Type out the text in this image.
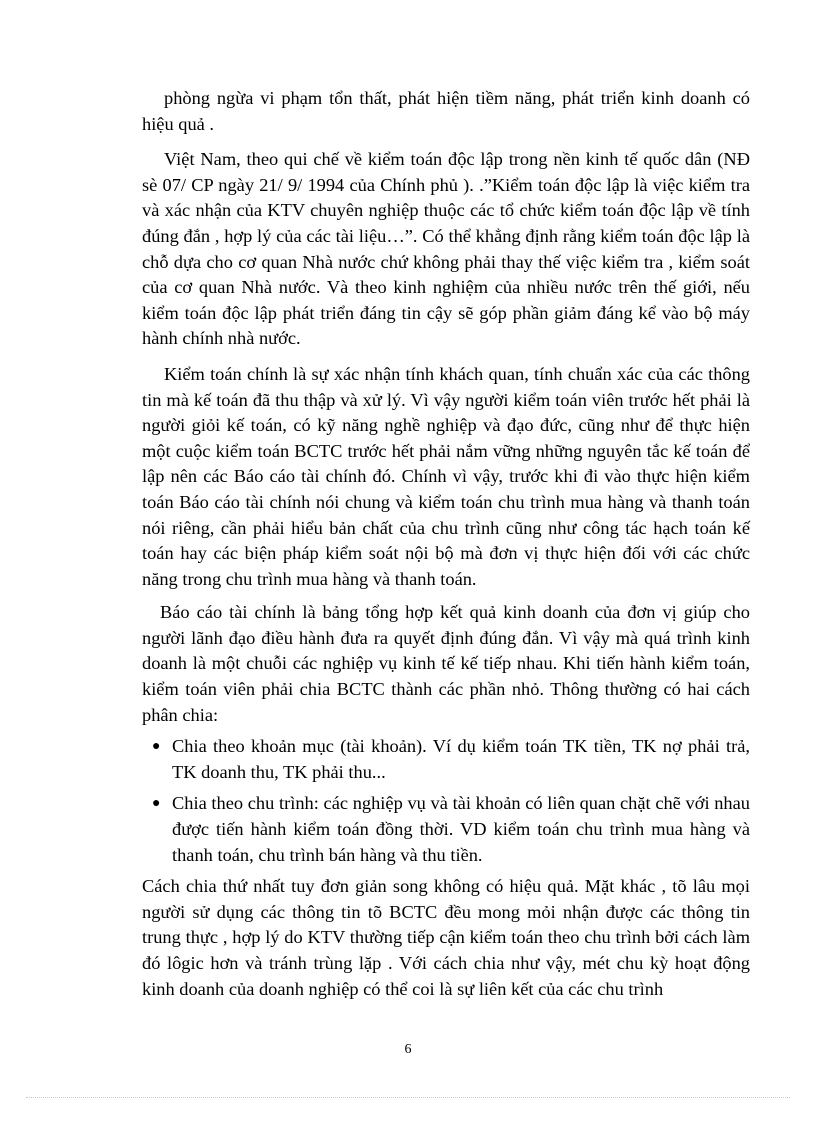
phòng ngừa vi phạm tổn thất, phát hiện tiềm năng, phát triển kinh doanh có hiệu quả .

Việt Nam, theo qui chế về kiểm toán độc lập trong nền kinh tế quốc dân (NĐ sè 07/ CP ngày 21/ 9/ 1994 của Chính phủ ). .”Kiểm toán độc lập là việc kiểm tra và xác nhận của KTV chuyên nghiệp thuộc các tổ chức kiểm toán độc lập về tính đúng đắn , hợp lý của các tài liệu…”. Có thể khẳng định rằng kiểm toán độc lập là chỗ dựa cho cơ quan Nhà nước chứ không phải thay thế việc kiểm tra , kiểm soát của cơ quan Nhà nước. Và theo kinh nghiệm của nhiều nước trên thế giới, nếu kiểm toán độc lập phát triển đáng tin cậy sẽ góp phần giảm đáng kể vào bộ máy hành chính nhà nước.

Kiểm toán chính là sự xác nhận tính khách quan, tính chuẩn xác của các thông tin mà kế toán đã thu thập và xử lý. Vì vậy người kiểm toán viên trước hết phải là người giỏi kế toán, có kỹ năng nghề nghiệp và đạo đức, cũng như để thực hiện một cuộc kiểm toán BCTC trước hết phải nắm vững những nguyên tắc kế toán để lập nên các Báo cáo tài chính đó. Chính vì vậy, trước khi đi vào thực hiện kiểm toán Báo cáo tài chính nói chung và kiểm toán chu trình mua hàng và thanh toán nói riêng, cần phải hiểu bản chất của chu trình cũng như công tác hạch toán kế toán hay các biện pháp kiểm soát nội bộ mà đơn vị thực hiện đối với các chức năng trong chu trình mua hàng và thanh toán.

Báo cáo tài chính là bảng tổng hợp kết quả kinh doanh của đơn vị giúp cho người lãnh đạo điều hành đưa ra quyết định đúng đắn. Vì vậy mà quá trình kinh doanh là một chuỗi các nghiệp vụ kinh tế kế tiếp nhau. Khi tiến hành kiểm toán, kiểm toán viên phải chia BCTC thành các phần nhỏ. Thông thường có hai cách phân chia:

● Chia theo khoản mục (tài khoản). Ví dụ kiểm toán TK tiền, TK nợ phải trả, TK doanh thu, TK phải thu...
● Chia theo chu trình: các nghiệp vụ và tài khoản có liên quan chặt chẽ với nhau được tiến hành kiểm toán đồng thời. VD kiểm toán chu trình mua hàng và thanh toán, chu trình bán hàng và thu tiền.

Cách chia thứ nhất tuy đơn giản song không có hiệu quả. Mặt khác , tõ lâu mọi người sử dụng các thông tin tõ BCTC đều mong mỏi nhận được các thông tin trung thực , hợp lý do KTV thường tiếp cận kiểm toán theo chu trình bởi cách làm đó lôgic hơn và tránh trùng lặp . Với cách chia như vậy, mét chu kỳ hoạt động kinh doanh của doanh nghiệp có thể coi là sự liên kết của các chu trình

6
